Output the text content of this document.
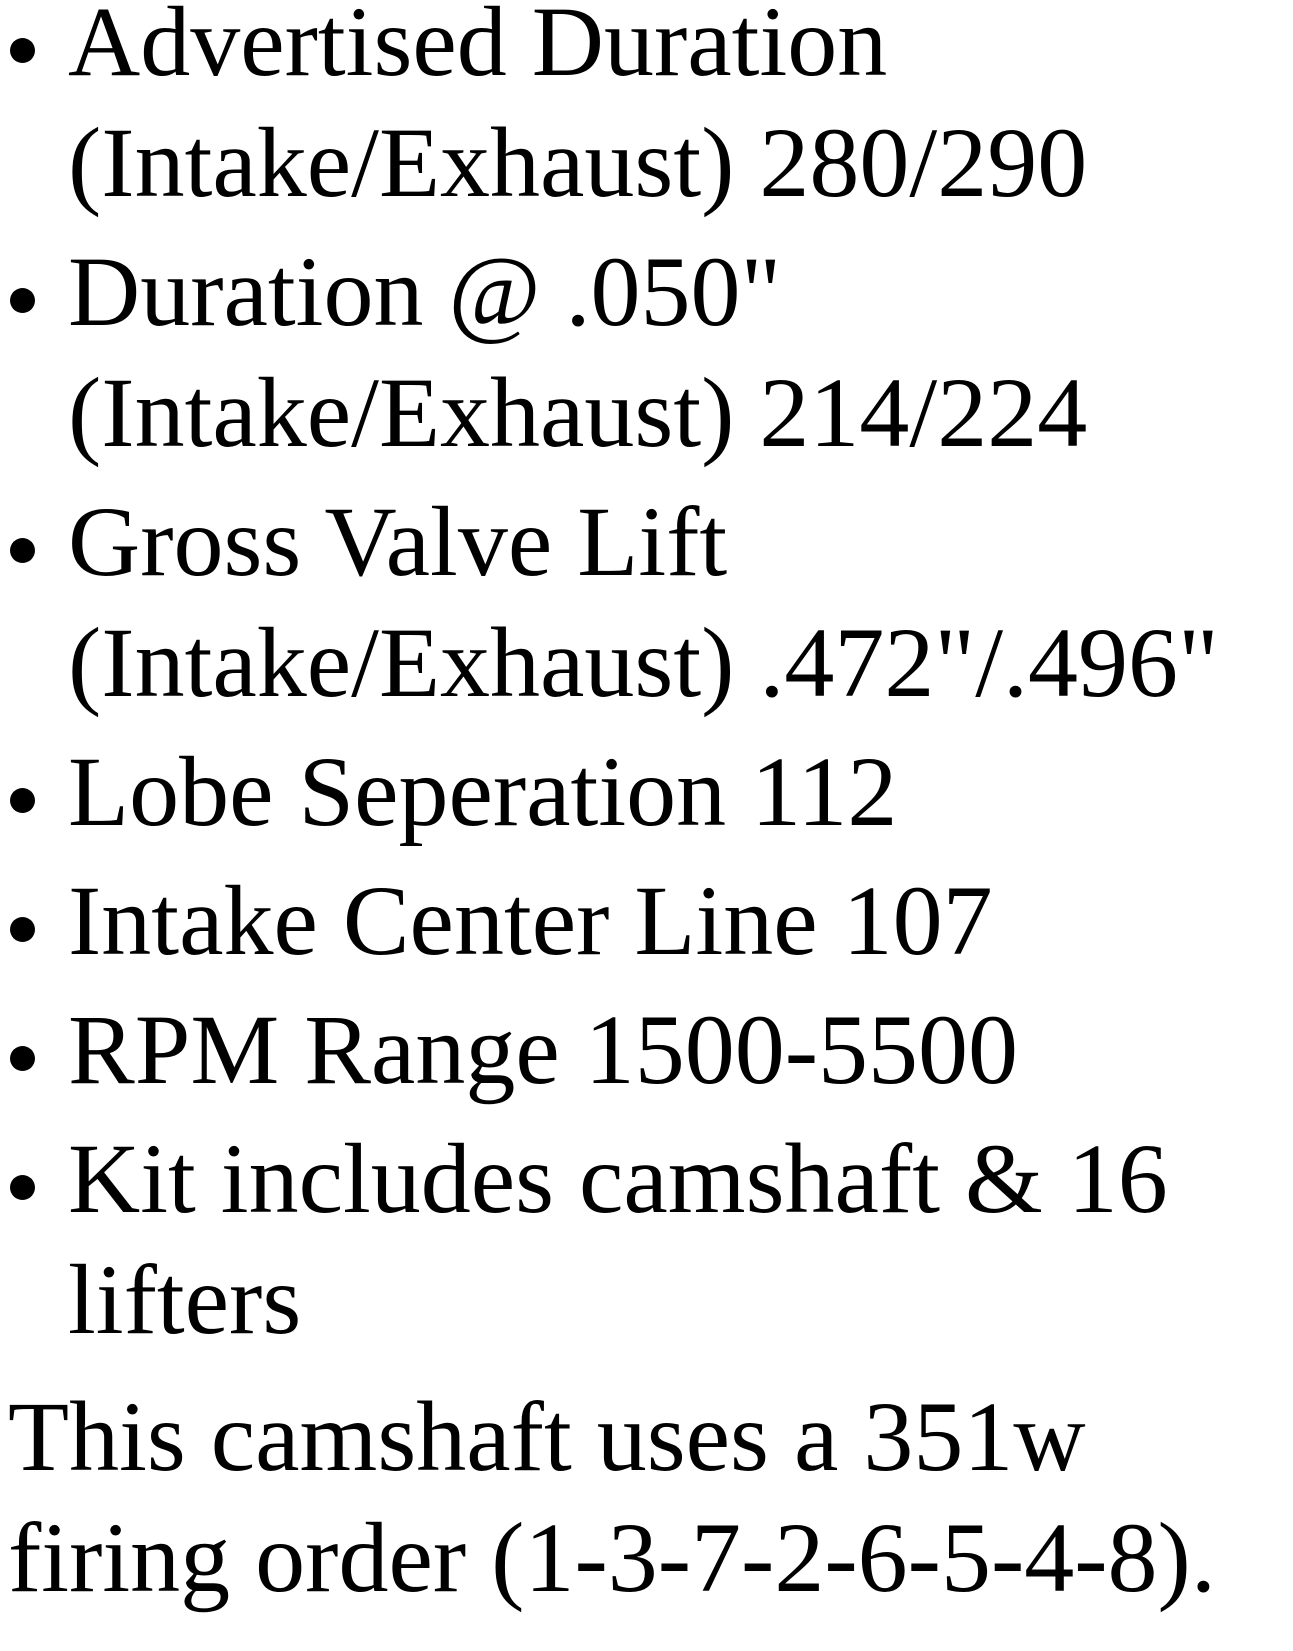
Advertised Duration (Intake/Exhaust) 280/290
Duration @ .050" (Intake/Exhaust) 214/224
Gross Valve Lift (Intake/Exhaust) .472"/.496"
Lobe Seperation 112
Intake Center Line 107
RPM Range 1500-5500
Kit includes camshaft & 16 lifters

This camshaft uses a 351w firing order (1-3-7-2-6-5-4-8).
